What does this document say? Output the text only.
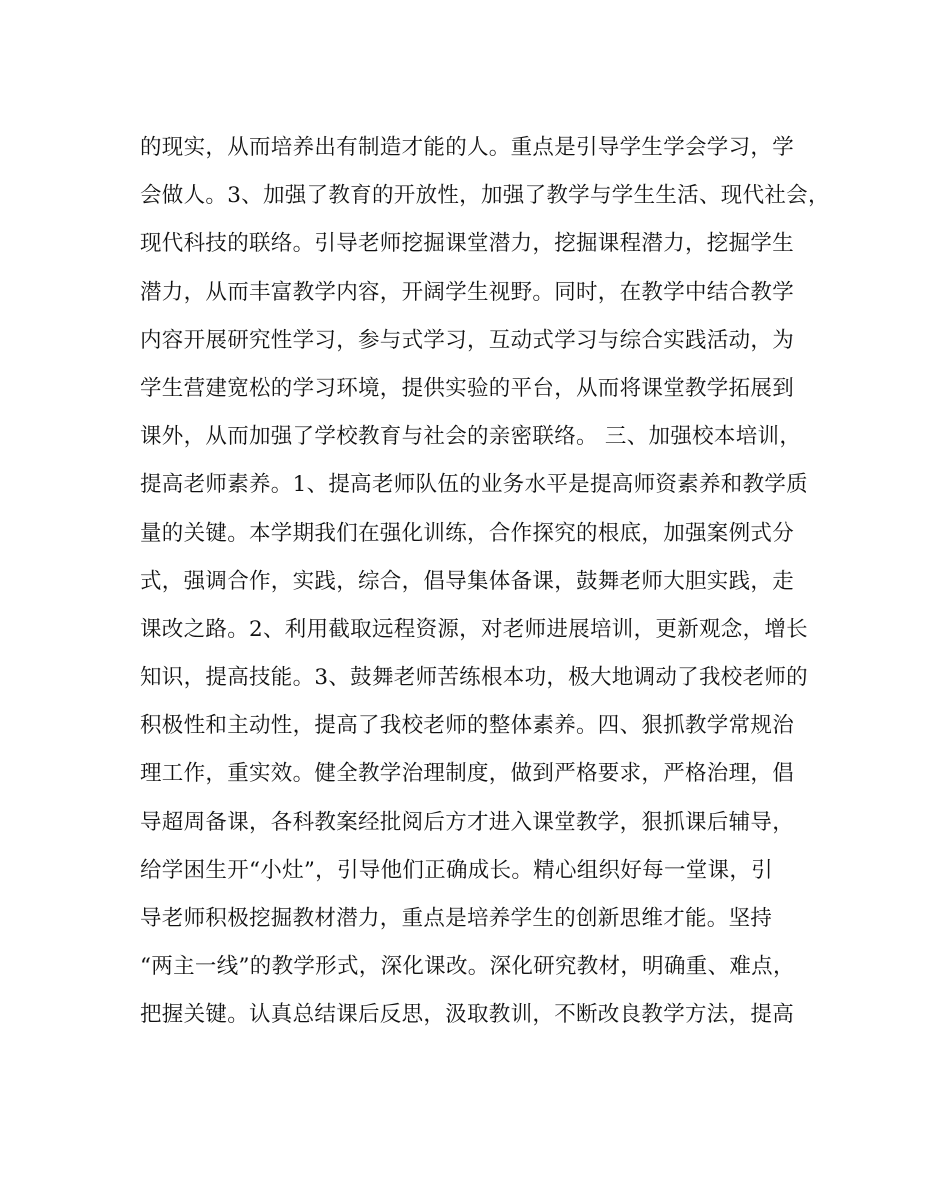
的现实，从而培养出有制造才能的人。重点是引导学生学会学习，学
会做人。3、加强了教育的开放性，加强了教学与学生生活、现代社会，
现代科技的联络。引导老师挖掘课堂潜力，挖掘课程潜力，挖掘学生
潜力，从而丰富教学内容，开阔学生视野。同时，在教学中结合教学
内容开展研究性学习，参与式学习，互动式学习与综合实践活动，为
学生营建宽松的学习环境，提供实验的平台，从而将课堂教学拓展到
课外，从而加强了学校教育与社会的亲密联络。 三、加强校本培训，
提高老师素养。1、提高老师队伍的业务水平是提高师资素养和教学质
量的关键。本学期我们在强化训练，合作探究的根底，加强案例式分
式，强调合作，实践，综合，倡导集体备课，鼓舞老师大胆实践，走
课改之路。2、利用截取远程资源，对老师进展培训，更新观念，增长
知识，提高技能。3、鼓舞老师苦练根本功，极大地调动了我校老师的
积极性和主动性，提高了我校老师的整体素养。四、狠抓教学常规治
理工作，重实效。健全教学治理制度，做到严格要求，严格治理，倡
导超周备课，各科教案经批阅后方才进入课堂教学，狠抓课后辅导，
给学困生开“小灶”，引导他们正确成长。精心组织好每一堂课，引
导老师积极挖掘教材潜力，重点是培养学生的创新思维才能。坚持
“两主一线”的教学形式，深化课改。深化研究教材，明确重、难点，
把握关键。认真总结课后反思，汲取教训，不断改良教学方法，提高
